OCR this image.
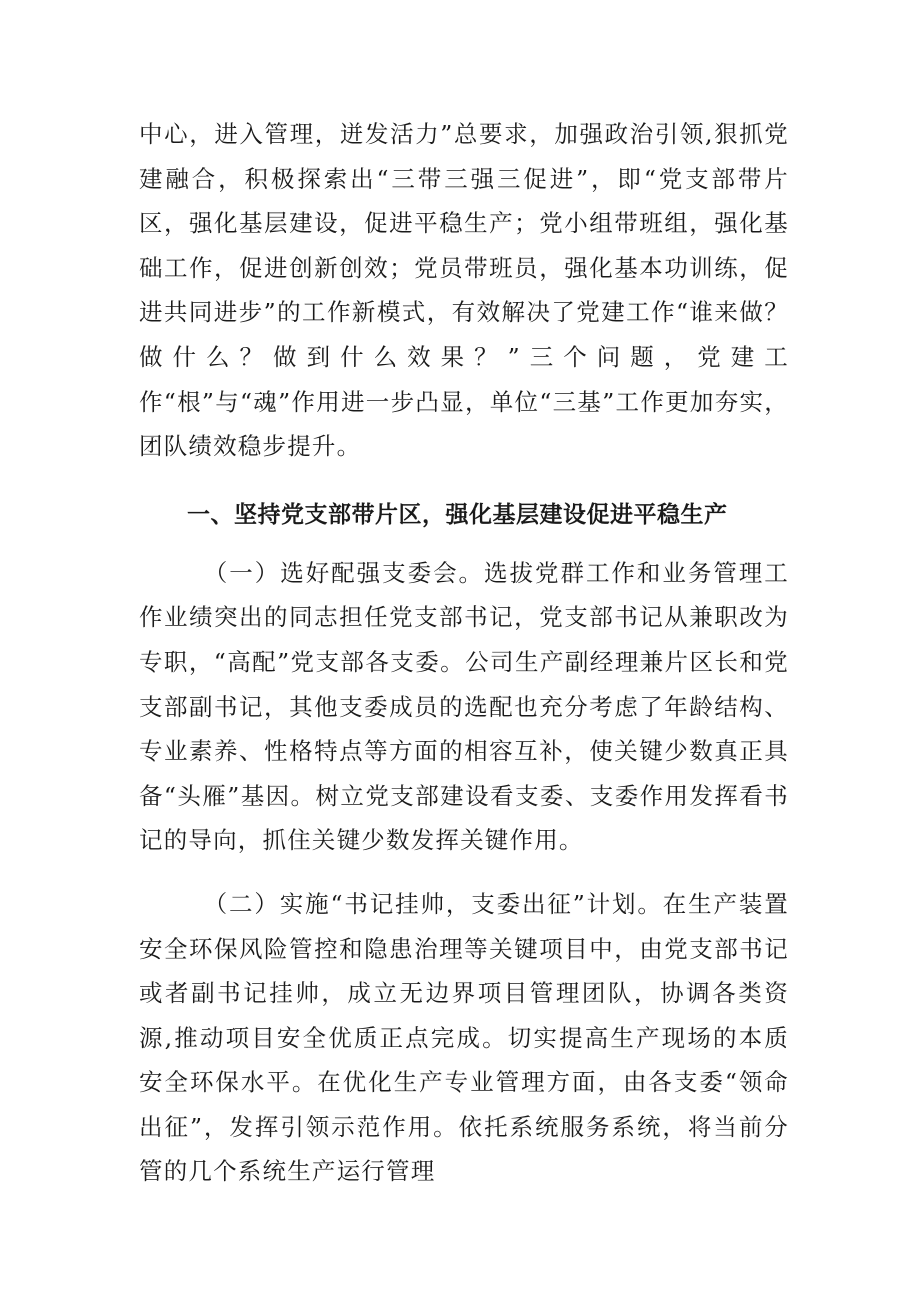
中心，进入管理，迸发活力”总要求，加强政治引领,狠抓党建融合，积极探索出“三带三强三促进”，即“党支部带片区，强化基层建设，促进平稳生产；党小组带班组，强化基础工作，促进创新创效；党员带班员，强化基本功训练，促进共同进步”的工作新模式，有效解决了党建工作“谁来做？做什么？做到什么效果？”三个问题，党建工作“根”与“魂”作用进一步凸显，单位“三基”工作更加夯实，团队绩效稳步提升。

一、坚持党支部带片区，强化基层建设促进平稳生产

（一）选好配强支委会。选拔党群工作和业务管理工作业绩突出的同志担任党支部书记，党支部书记从兼职改为专职，“高配”党支部各支委。公司生产副经理兼片区长和党支部副书记，其他支委成员的选配也充分考虑了年龄结构、专业素养、性格特点等方面的相容互补，使关键少数真正具备“头雁”基因。树立党支部建设看支委、支委作用发挥看书记的导向，抓住关键少数发挥关键作用。

（二）实施“书记挂帅，支委出征”计划。在生产装置安全环保风险管控和隐患治理等关键项目中，由党支部书记或者副书记挂帅，成立无边界项目管理团队，协调各类资源,推动项目安全优质正点完成。切实提高生产现场的本质安全环保水平。在优化生产专业管理方面，由各支委“领命出征”，发挥引领示范作用。依托系统服务系统，将当前分管的几个系统生产运行管理
